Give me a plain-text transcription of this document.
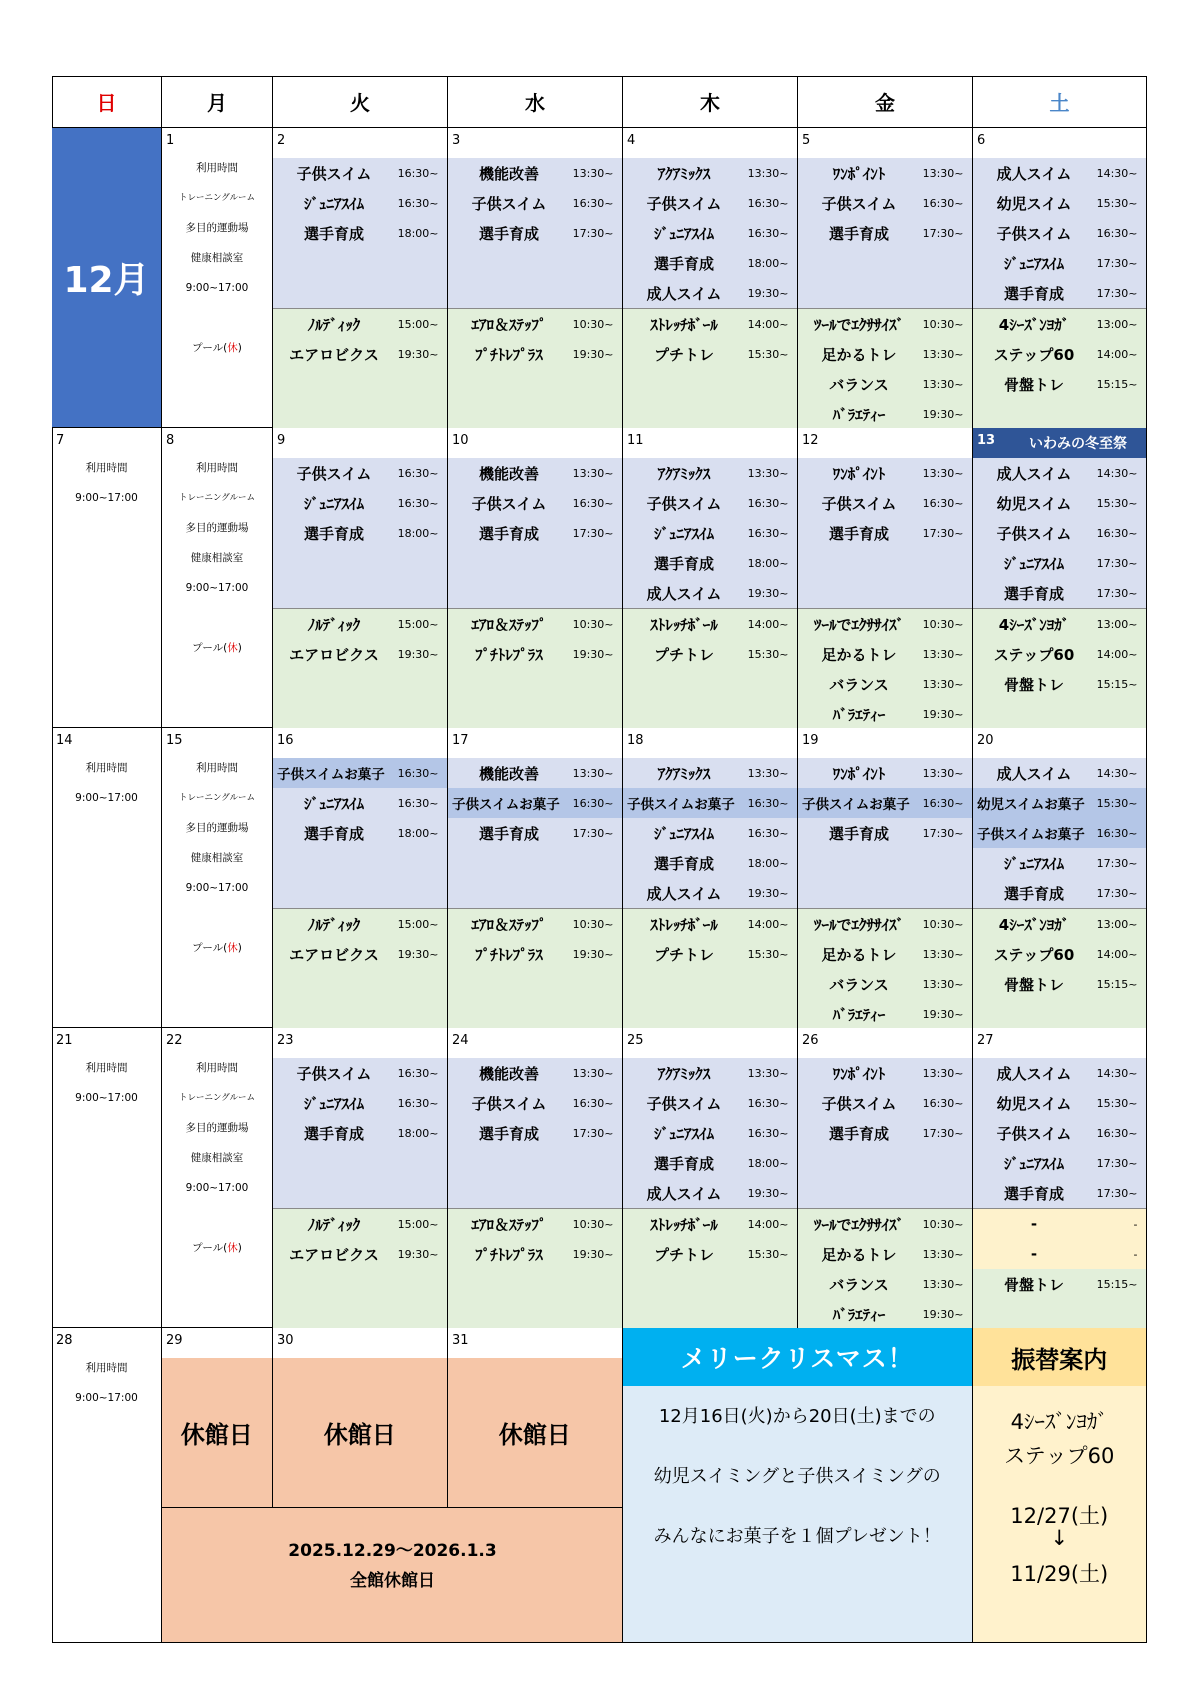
日	月	火	水	木	金	土
12月
1
利用時間
トレーニングルーム
多目的運動場
健康相談室
9:00~17:00
プール(休)
2
子供スイム	16:30~
ｼﾞｭﾆｱｽｲﾑ	16:30~
選手育成	18:00~
ﾉﾙﾃﾞｨｯｸ	15:00~
エアロビクス	19:30~
3
機能改善	13:30~
子供スイム	16:30~
選手育成	17:30~
ｴｱﾛ＆ｽﾃｯﾌﾟ	10:30~
ﾌﾟﾁﾄﾚﾌﾟﾗｽ	19:30~
4
ｱｸｱﾐｯｸｽ	13:30~
子供スイム	16:30~
ｼﾞｭﾆｱｽｲﾑ	16:30~
選手育成	18:00~
成人スイム	19:30~
ｽﾄﾚｯﾁﾎﾞｰﾙ	14:00~
プチトレ	15:30~
5
ﾜﾝﾎﾟｲﾝﾄ	13:30~
子供スイム	16:30~
選手育成	17:30~
ﾂｰﾙでｴｸｻｻｲｽﾞ	10:30~
足かるトレ	13:30~
バランス	13:30~
ﾊﾞﾗｴﾃｨｰ	19:30~
6
成人スイム	14:30~
幼児スイム	15:30~
子供スイム	16:30~
ｼﾞｭﾆｱｽｲﾑ	17:30~
選手育成	17:30~
4ｼｰｽﾞﾝﾖｶﾞ	13:00~
ステップ60	14:00~
骨盤トレ	15:15~
7
利用時間
9:00~17:00
8
利用時間
トレーニングルーム
多目的運動場
健康相談室
9:00~17:00
プール(休)
9
子供スイム	16:30~
ｼﾞｭﾆｱｽｲﾑ	16:30~
選手育成	18:00~
ﾉﾙﾃﾞｨｯｸ	15:00~
エアロビクス	19:30~
10
機能改善	13:30~
子供スイム	16:30~
選手育成	17:30~
ｴｱﾛ＆ｽﾃｯﾌﾟ	10:30~
ﾌﾟﾁﾄﾚﾌﾟﾗｽ	19:30~
11
ｱｸｱﾐｯｸｽ	13:30~
子供スイム	16:30~
ｼﾞｭﾆｱｽｲﾑ	16:30~
選手育成	18:00~
成人スイム	19:30~
ｽﾄﾚｯﾁﾎﾞｰﾙ	14:00~
プチトレ	15:30~
12
ﾜﾝﾎﾟｲﾝﾄ	13:30~
子供スイム	16:30~
選手育成	17:30~
ﾂｰﾙでｴｸｻｻｲｽﾞ	10:30~
足かるトレ	13:30~
バランス	13:30~
ﾊﾞﾗｴﾃｨｰ	19:30~
13
成人スイム	14:30~
幼児スイム	15:30~
子供スイム	16:30~
ｼﾞｭﾆｱｽｲﾑ	17:30~
選手育成	17:30~
4ｼｰｽﾞﾝﾖｶﾞ	13:00~
ステップ60	14:00~
骨盤トレ	15:15~
いわみの冬至祭
14
利用時間
9:00~17:00
15
利用時間
トレーニングルーム
多目的運動場
健康相談室
9:00~17:00
プール(休)
16
子供スイムお菓子 16:30~
ｼﾞｭﾆｱｽｲﾑ	16:30~
選手育成	18:00~
ﾉﾙﾃﾞｨｯｸ	15:00~
エアロビクス	19:30~
17
機能改善	13:30~
子供スイムお菓子 16:30~
選手育成	17:30~
ｴｱﾛ＆ｽﾃｯﾌﾟ	10:30~
ﾌﾟﾁﾄﾚﾌﾟﾗｽ	19:30~
18
ｱｸｱﾐｯｸｽ	13:30~
子供スイムお菓子 16:30~
ｼﾞｭﾆｱｽｲﾑ	16:30~
選手育成	18:00~
成人スイム	19:30~
ｽﾄﾚｯﾁﾎﾞｰﾙ	14:00~
プチトレ	15:30~
19
ﾜﾝﾎﾟｲﾝﾄ	13:30~
子供スイムお菓子 16:30~
選手育成	17:30~
ﾂｰﾙでｴｸｻｻｲｽﾞ	10:30~
足かるトレ	13:30~
バランス	13:30~
ﾊﾞﾗｴﾃｨｰ	19:30~
20
成人スイム	14:30~
幼児スイムお菓子 15:30~
子供スイムお菓子 16:30~
ｼﾞｭﾆｱｽｲﾑ	17:30~
選手育成	17:30~
4ｼｰｽﾞﾝﾖｶﾞ	13:00~
ステップ60	14:00~
骨盤トレ	15:15~
21
利用時間
9:00~17:00
22
利用時間
トレーニングルーム
多目的運動場
健康相談室
9:00~17:00
プール(休)
23
子供スイム	16:30~
ｼﾞｭﾆｱｽｲﾑ	16:30~
選手育成	18:00~
ﾉﾙﾃﾞｨｯｸ	15:00~
エアロビクス	19:30~
24
機能改善	13:30~
子供スイム	16:30~
選手育成	17:30~
ｴｱﾛ＆ｽﾃｯﾌﾟ	10:30~
ﾌﾟﾁﾄﾚﾌﾟﾗｽ	19:30~
25
ｱｸｱﾐｯｸｽ	13:30~
子供スイム	16:30~
ｼﾞｭﾆｱｽｲﾑ	16:30~
選手育成	18:00~
成人スイム	19:30~
ｽﾄﾚｯﾁﾎﾞｰﾙ	14:00~
プチトレ	15:30~
26
ﾜﾝﾎﾟｲﾝﾄ	13:30~
子供スイム	16:30~
選手育成	17:30~
ﾂｰﾙでｴｸｻｻｲｽﾞ	10:30~
足かるトレ	13:30~
バランス	13:30~
ﾊﾞﾗｴﾃｨｰ	19:30~
27
成人スイム	14:30~
幼児スイム	15:30~
子供スイム	16:30~
ｼﾞｭﾆｱｽｲﾑ	17:30~
選手育成	17:30~
-	-
-	-
骨盤トレ	15:15~
28
利用時間
9:00~17:00
29
休館日
30
休館日
31
休館日
2025.12.29～2026.1.3
全館休館日
メリークリスマス！
12月16日(火)から20日(土)までの
幼児スイミングと子供スイミングの
みんなにお菓子を１個プレゼント！
振替案内
4ｼｰｽﾞﾝﾖｶﾞ
ステップ60
12/27(土)
↓
11/29(土)
